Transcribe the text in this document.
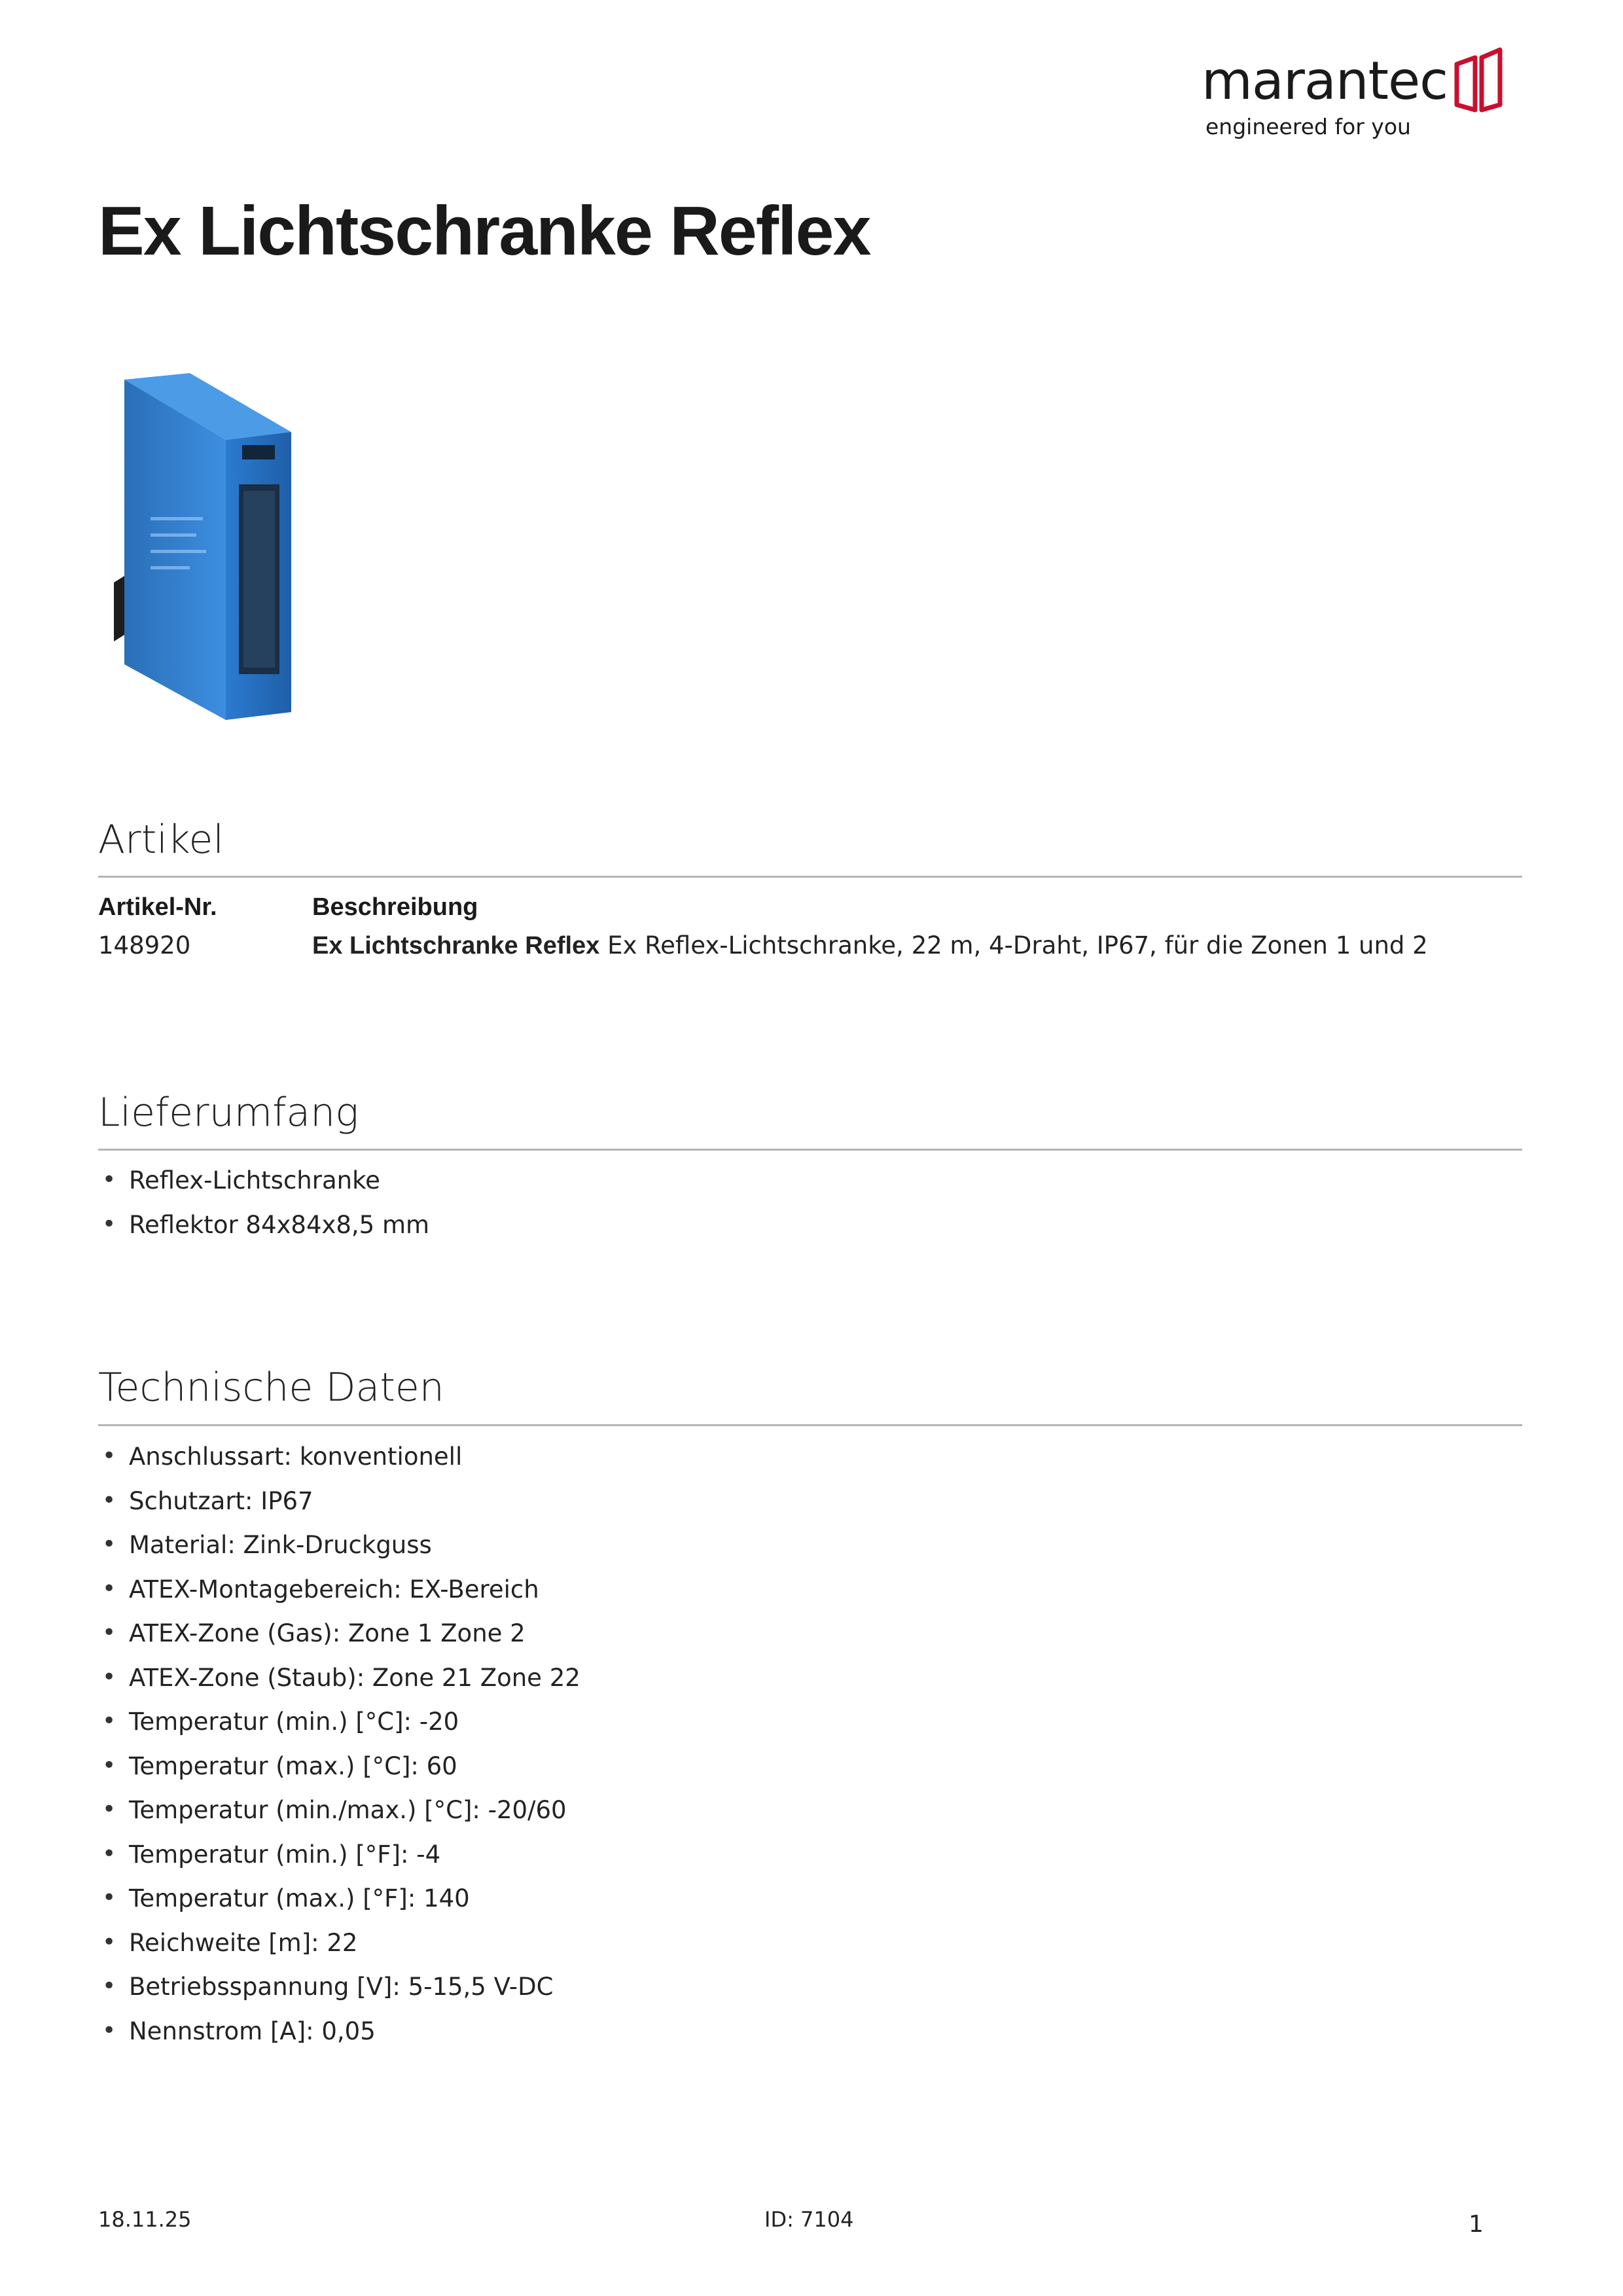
marantec
engineered for you
Ex Lichtschranke Reflex
Artikel
Artikel-Nr.	Beschreibung
148920	Ex Lichtschranke Reflex Ex Reflex-Lichtschranke, 22 m, 4-Draht, IP67, für die Zonen 1 und 2
Lieferumfang
• Reflex-Lichtschranke
• Reflektor 84x84x8,5 mm
Technische Daten
• Anschlussart: konventionell
• Schutzart: IP67
• Material: Zink-Druckguss
• ATEX-Montagebereich: EX-Bereich
• ATEX-Zone (Gas): Zone 1 Zone 2
• ATEX-Zone (Staub): Zone 21 Zone 22
• Temperatur (min.) [°C]: -20
• Temperatur (max.) [°C]: 60
• Temperatur (min./max.) [°C]: -20/60
• Temperatur (min.) [°F]: -4
• Temperatur (max.) [°F]: 140
• Reichweite [m]: 22
• Betriebsspannung [V]: 5-15,5 V-DC
• Nennstrom [A]: 0,05
18.11.25	ID: 7104	1
